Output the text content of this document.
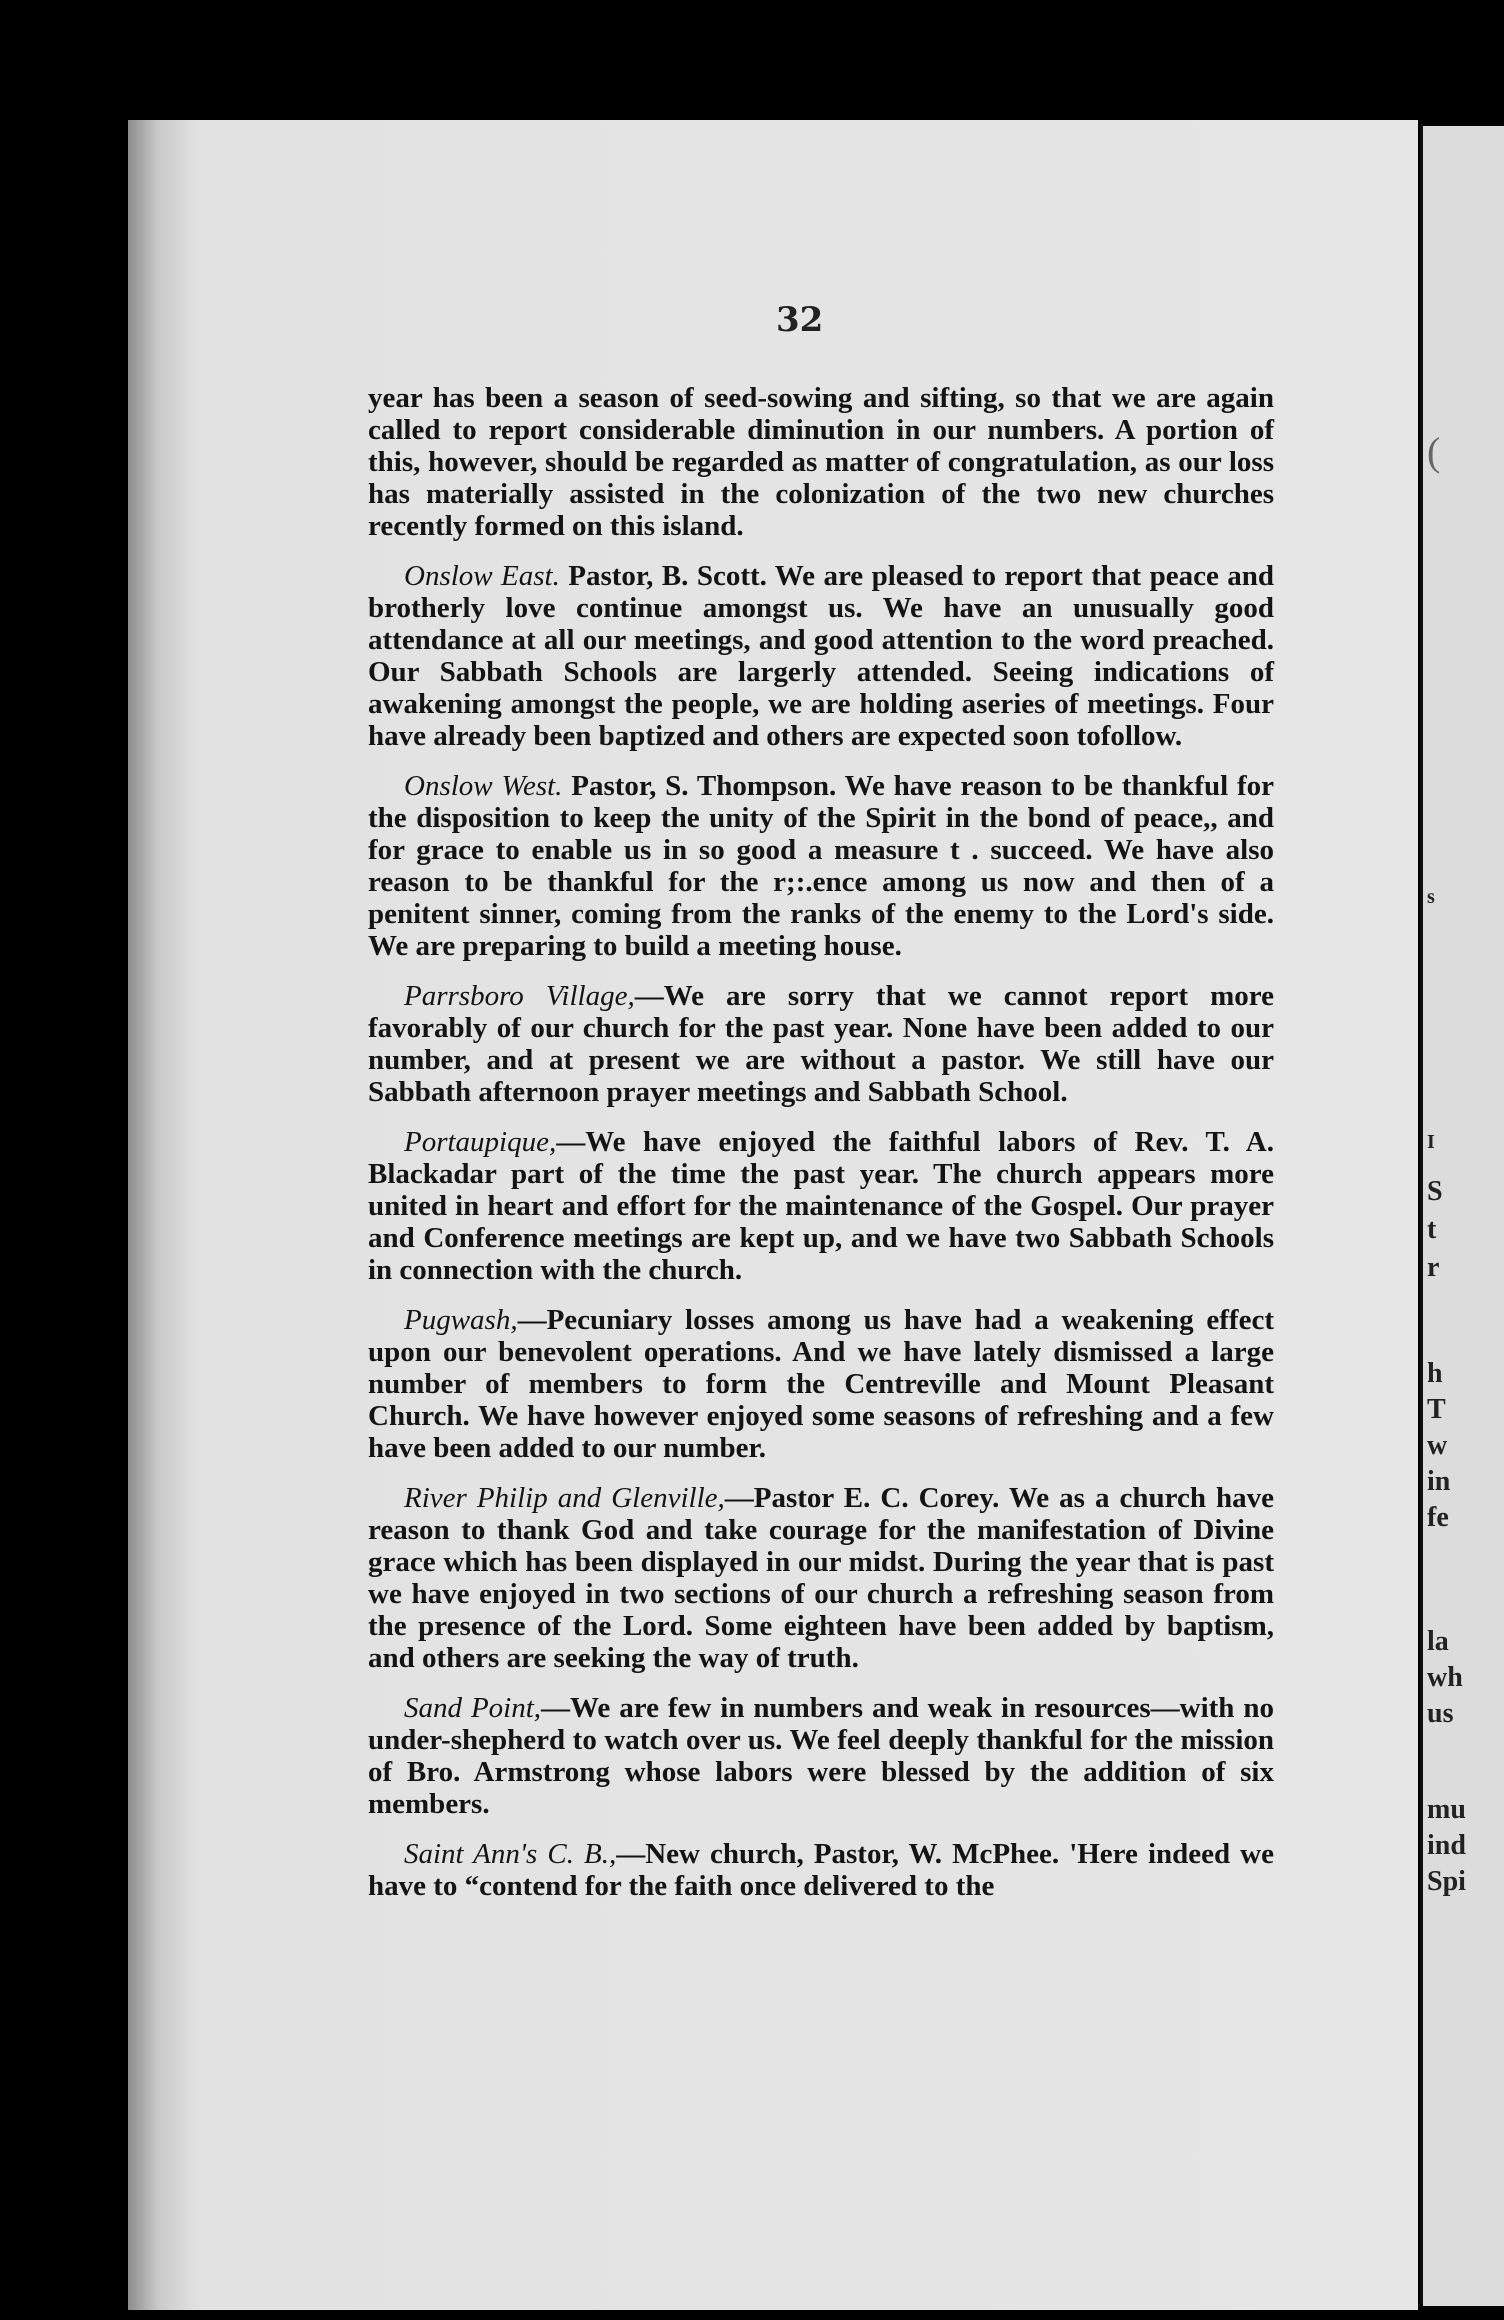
(
s
I
S
t
r
h
T
w
in
fe
la
wh
us
mu
ind
Spi
32

year has been a season of seed-sowing and sifting, so that we are again called to report considerable diminution in our numbers. A portion of this, however, should be regarded as matter of congratulation, as our loss has materially assisted in the colonization of the two new churches recently formed on this island.

Onslow East. Pastor, B. Scott. We are pleased to report that peace and brotherly love continue amongst us. We have an unusually good attendance at all our meetings, and good attention to the word preached. Our Sabbath Schools are largerly attended. Seeing indications of awakening amongst the people, we are holding aseries of meetings. Four have already been baptized and others are expected soon tofollow.

Onslow West. Pastor, S. Thompson. We have reason to be thankful for the disposition to keep the unity of the Spirit in the bond of peace,, and for grace to enable us in so good a measure t . succeed. We have also reason to be thankful for the r;:.ence among us now and then of a penitent sinner, coming from the ranks of the enemy to the Lord's side. We are preparing to build a meeting house.

Parrsboro Village,—We are sorry that we cannot report more favorably of our church for the past year. None have been added to our number, and at present we are without a pastor. We still have our Sabbath afternoon prayer meetings and Sabbath School.

Portaupique,—We have enjoyed the faithful labors of Rev. T. A. Blackadar part of the time the past year. The church appears more united in heart and effort for the maintenance of the Gospel. Our prayer and Conference meetings are kept up, and we have two Sabbath Schools in connection with the church.

Pugwash,—Pecuniary losses among us have had a weakening effect upon our benevolent operations. And we have lately dismissed a large number of members to form the Centreville and Mount Pleasant Church. We have however enjoyed some seasons of refreshing and a few have been added to our number.

River Philip and Glenville,—Pastor E. C. Corey. We as a church have reason to thank God and take courage for the manifestation of Divine grace which has been displayed in our midst. During the year that is past we have enjoyed in two sections of our church a refreshing season from the presence of the Lord. Some eighteen have been added by baptism, and others are seeking the way of truth.

Sand Point,—We are few in numbers and weak in resources—with no under-shepherd to watch over us. We feel deeply thankful for the mission of Bro. Armstrong whose labors were blessed by the addition of six members.

Saint Ann's C. B.,—New church, Pastor, W. McPhee. 'Here indeed we have to “contend for the faith once delivered to the
